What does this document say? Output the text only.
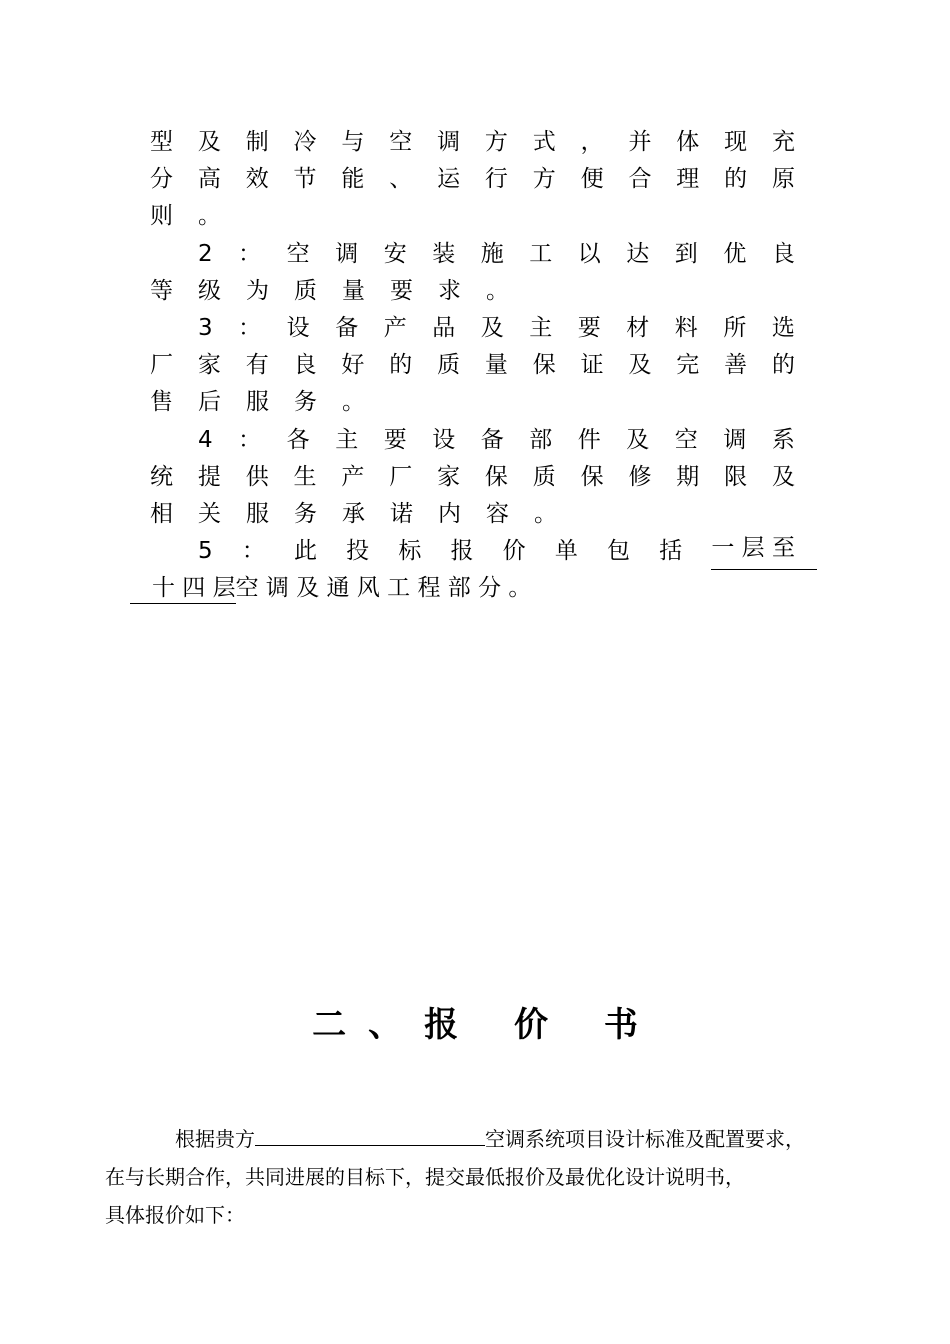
型 及 制 冷 与 空 调 方 式 ， 并 体 现 充
分 高 效 节 能 、 运 行 方 便 合 理 的 原
则	。
2 ： 空 调 安 装 施 工 以 达 到 优 良
等	级	为	质	量	要	求	。
3 ： 设 备 产 品 及 主 要 材 料 所 选
厂 家 有 良 好 的 质 量 保 证 及 完 善 的
售	后	服	务	。
4 ： 各 主 要 设 备 部 件 及 空 调 系
统 提 供 生 产 厂 家 保 质 保 修 期 限 及
相	关	服	务	承	诺	内	容	。
5 ： 此 投 标 报 价 单 包 括 一 层 至
十 四 层空 调 及 通 风 工 程 部 分 。
二、报 价 书
根据贵方	空调系统项目设计标准及配置要求，
在与长期合作，共同进展的目标下，提交最低报价及最优化设计说明书，
具体报价如下：
